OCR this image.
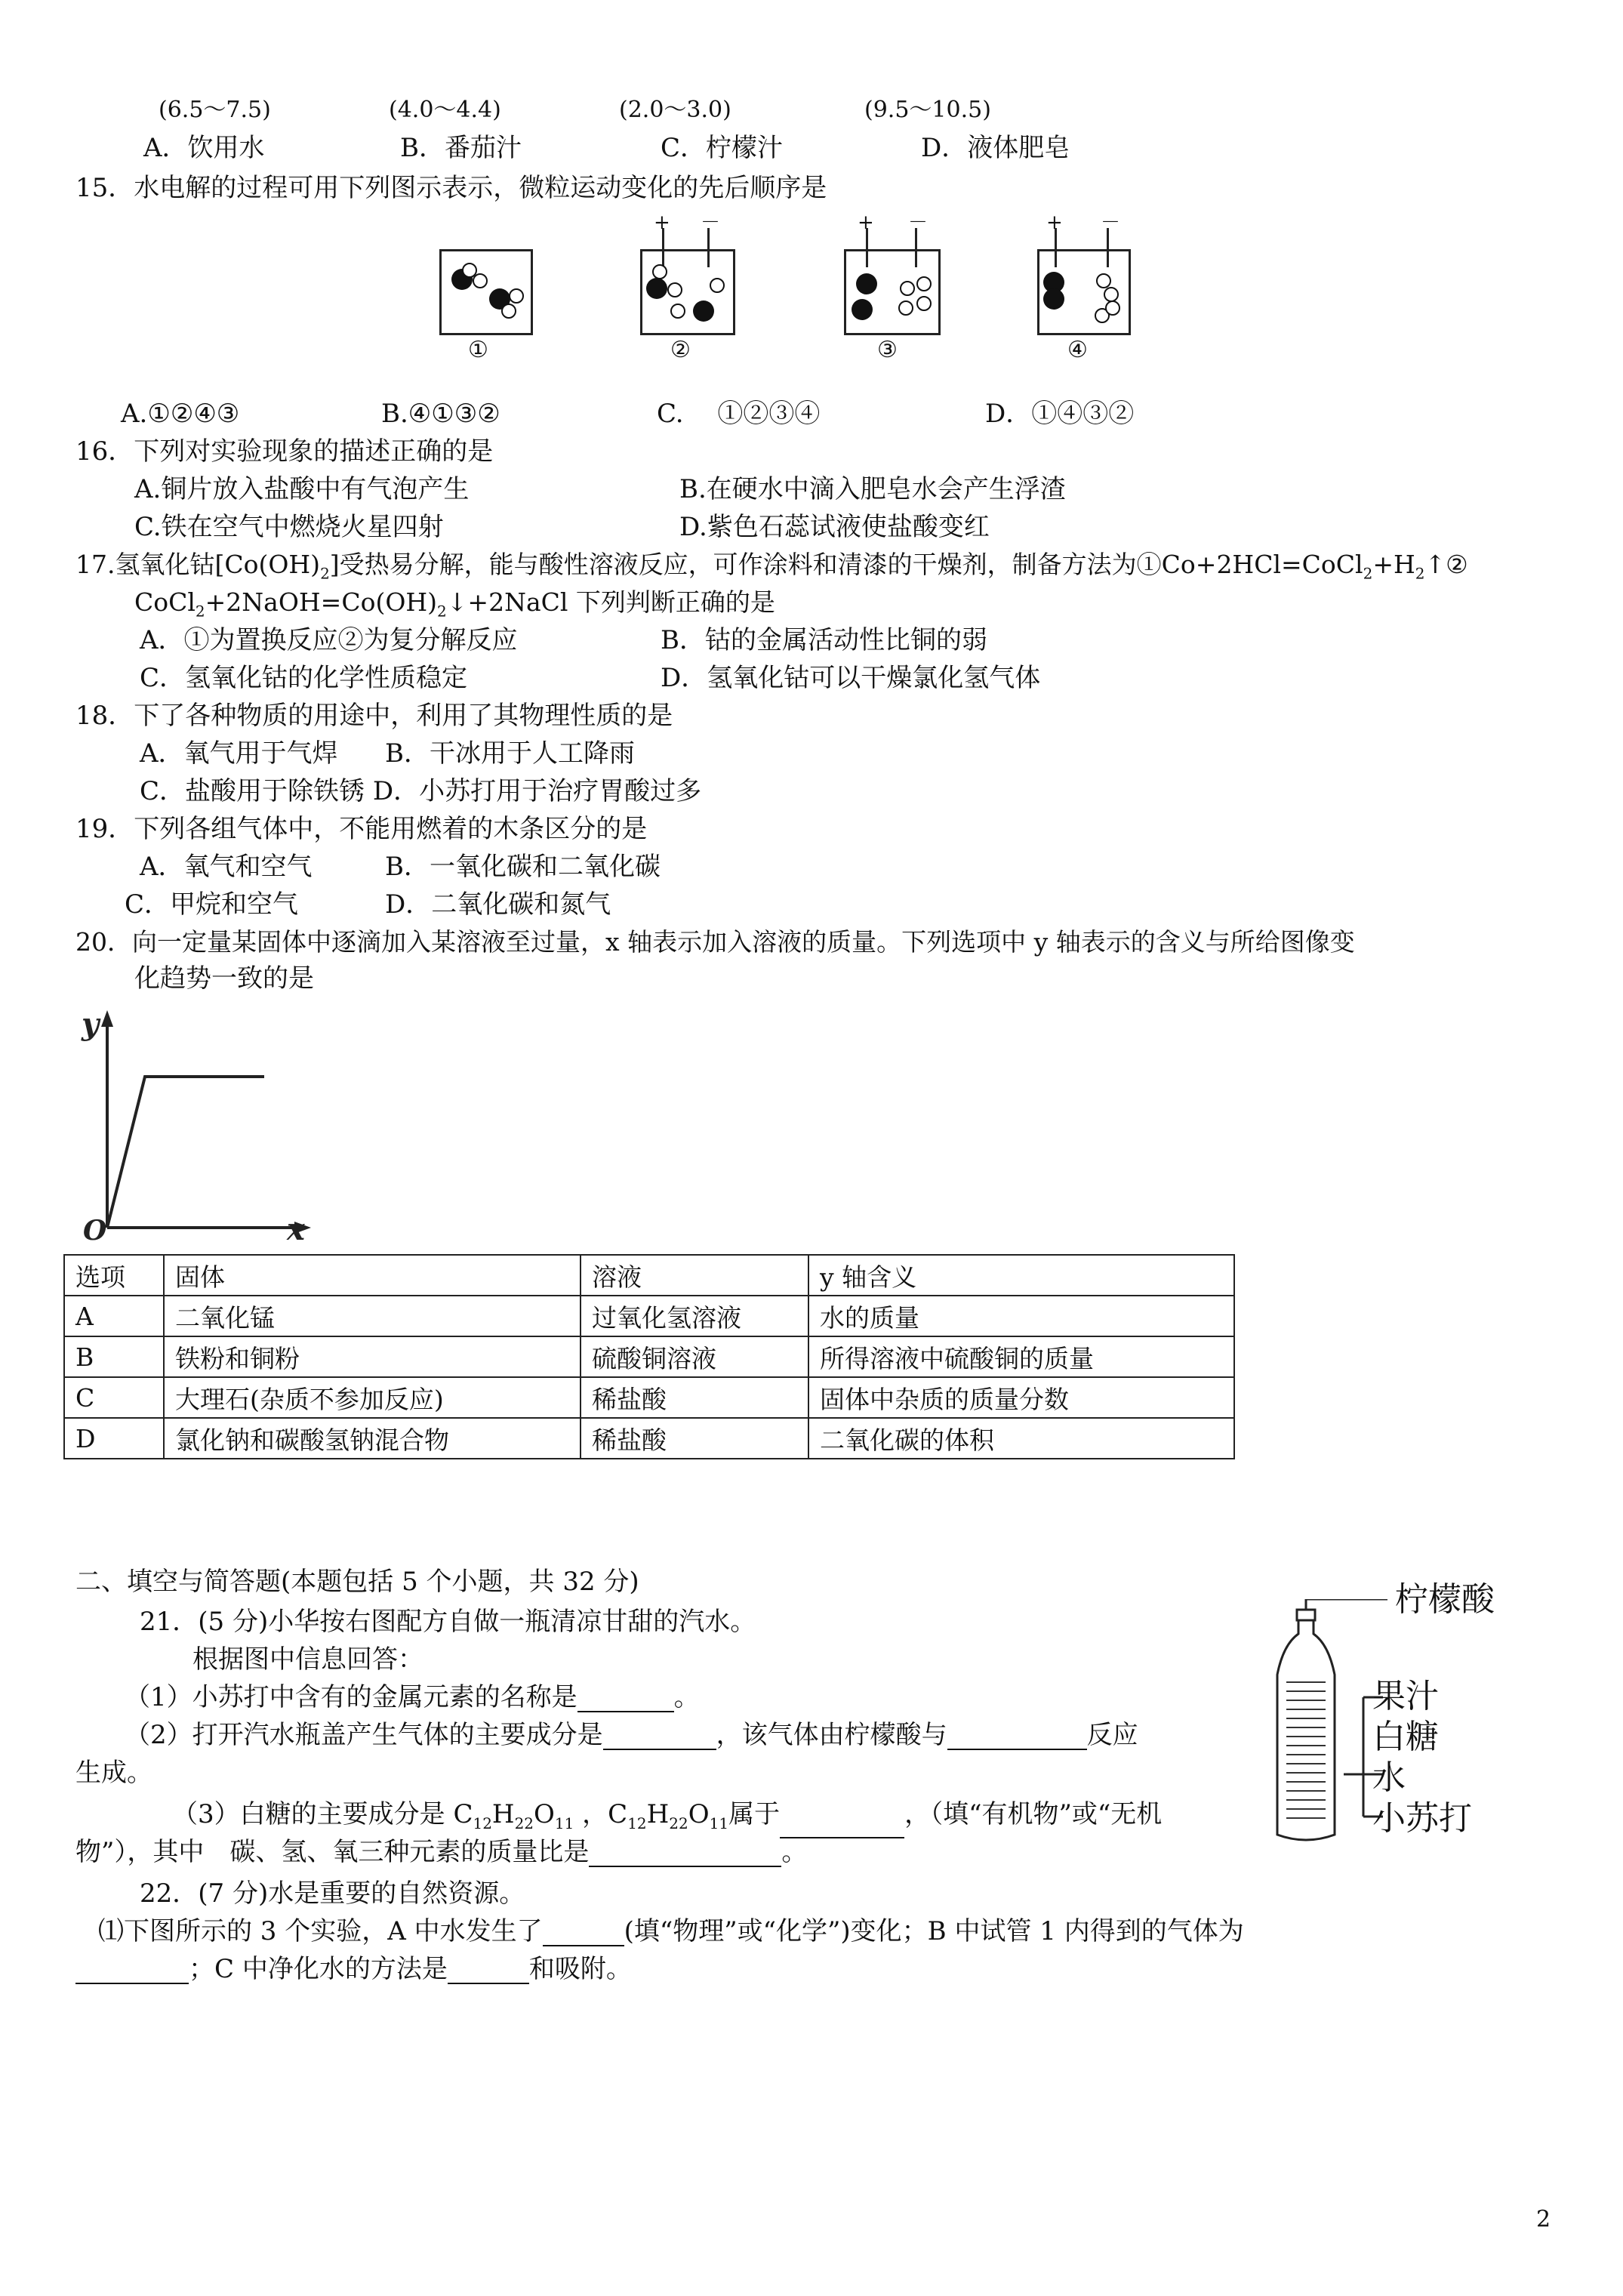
(6.5～7.5)	(4.0～4.4)	(2.0～3.0)	(9.5～10.5)
A．饮用水	B．番茄汁	C．柠檬汁	D．液体肥皂
15．水电解的过程可用下列图示表示，微粒运动变化的先后顺序是
①
+ －
②
+ －
③
+ －
④
A.①②④③	B.④①③②	C.　 ①②③④	D．①④③②
16．下列对实验现象的描述正确的是
A.铜片放入盐酸中有气泡产生	B.在硬水中滴入肥皂水会产生浮渣
C.铁在空气中燃烧火星四射	D.紫色石蕊试液使盐酸变红
17.氢氧化钴$[Co(OH)_2]$受热易分解，能与酸性溶液反应，可作涂料和清漆的干燥剂，制备方法为$①Co+2HCl=CoCl_2+H_2↑②$
$CoCl_2+2NaOH=Co(OH)_2↓+2NaCl$ 下列判断正确的是
A．①为置换反应②为复分解反应	B．钴的金属活动性比铜的弱
C．氢氧化钴的化学性质稳定	D．氢氧化钴可以干燥氯化氢气体
18．下了各种物质的用途中，利用了其物理性质的是
A．氧气用于气焊 B．干冰用于人工降雨
C．盐酸用于除铁锈 D．小苏打用于治疗胃酸过多
19．下列各组气体中，不能用燃着的木条区分的是
A．氧气和空气	B．一氧化碳和二氧化碳
C．甲烷和空气	D．二氧化碳和氮气
20．向一定量某固体中逐滴加入某溶液至过量，x 轴表示加入溶液的质量。下列选项中 y 轴表示的含义与所给图像变
化趋势一致的是
y
x
O
选项	固体	溶液	y 轴含义
A	二氧化锰	过氧化氢溶液	水的质量
B	铁粉和铜粉	硫酸铜溶液	所得溶液中硫酸铜的质量
C	大理石(杂质不参加反应)	稀盐酸	固体中杂质的质量分数
D	氯化钠和碳酸氢钠混合物	稀盐酸	二氧化碳的体积
二、填空与简答题(本题包括 5 个小题，共 32 分)
21．(5 分)小华按右图配方自做一瓶清凉甘甜的汽水。
根据图中信息回答：
（1）小苏打中含有的金属元素的名称是	。
（2）打开汽水瓶盖产生气体的主要成分是	，该气体由柠檬酸与	反应
生成。
（3）白糖的主要成分是 $C_{12}H_{22}O_{11}$ ，$C_{12}H_{22}O_{11}$属于	，（填“有机物”或“无机
物”），其中　碳、氢、氧三种元素的质量比是	。
柠檬酸
果汁
白糖
水
小苏打
22．(7 分)水是重要的自然资源。
⑴下图所示的 3 个实验，A 中水发生了	(填“物理”或“化学”)变化；B 中试管 1 内得到的气体为
；C 中净化水的方法是	和吸附。
2
